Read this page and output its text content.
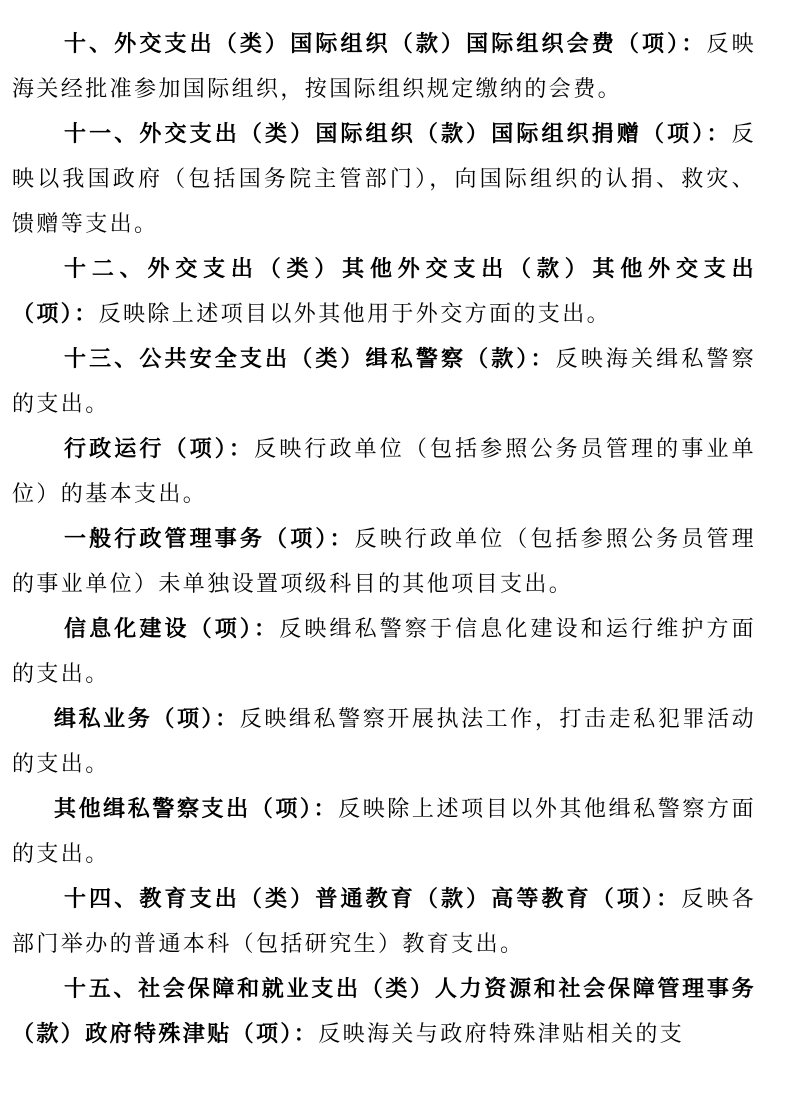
十、外交支出（类）国际组织（款）国际组织会费（项）：反映海关经批准参加国际组织，按国际组织规定缴纳的会费。

十一、外交支出（类）国际组织（款）国际组织捐赠（项）：反映以我国政府（包括国务院主管部门），向国际组织的认捐、救灾、馈赠等支出。

十二、外交支出（类）其他外交支出（款）其他外交支出（项）：反映除上述项目以外其他用于外交方面的支出。

十三、公共安全支出（类）缉私警察（款）：反映海关缉私警察的支出。

行政运行（项）：反映行政单位（包括参照公务员管理的事业单位）的基本支出。

一般行政管理事务（项）：反映行政单位（包括参照公务员管理的事业单位）未单独设置项级科目的其他项目支出。

信息化建设（项）：反映缉私警察于信息化建设和运行维护方面的支出。

缉私业务（项）：反映缉私警察开展执法工作，打击走私犯罪活动的支出。

其他缉私警察支出（项）：反映除上述项目以外其他缉私警察方面的支出。

十四、教育支出（类）普通教育（款）高等教育（项）：反映各部门举办的普通本科（包括研究生）教育支出。

十五、社会保障和就业支出（类）人力资源和社会保障管理事务（款）政府特殊津贴（项）：反映海关与政府特殊津贴相关的支
